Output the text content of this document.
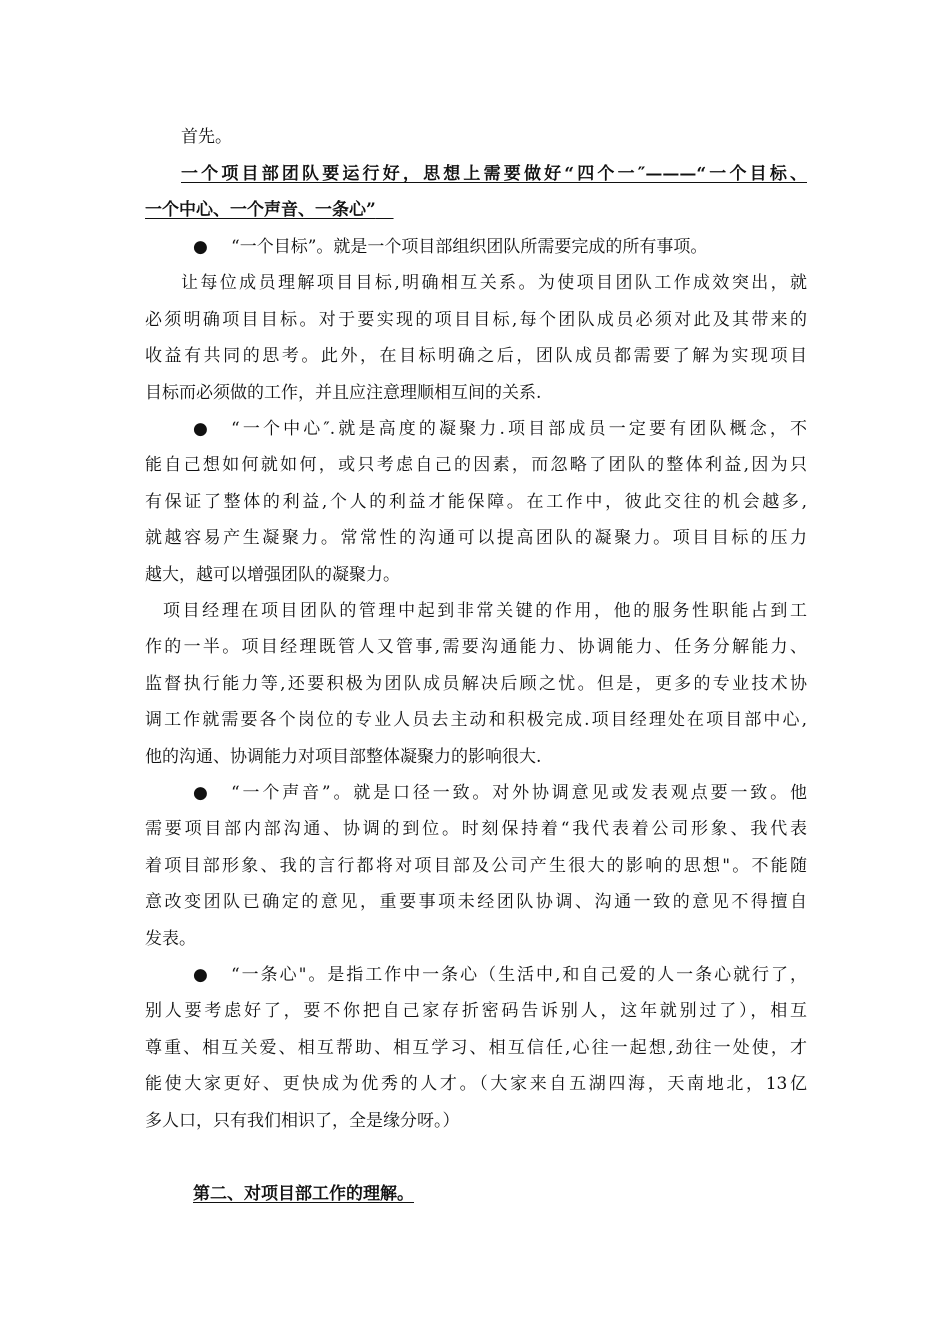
首先。

一个项目部团队要运行好，思想上需要做好“四个一″———“一个目标、

一个中心、一个声音、一条心”

● “一个目标”。就是一个项目部组织团队所需要完成的所有事项。

让每位成员理解项目目标,明确相互关系。为使项目团队工作成效突出，就

必须明确项目目标。对于要实现的项目目标,每个团队成员必须对此及其带来的

收益有共同的思考。此外，在目标明确之后，团队成员都需要了解为实现项目

目标而必须做的工作，并且应注意理顺相互间的关系.

● “一个中心″.就是高度的凝聚力.项目部成员一定要有团队概念，不

能自己想如何就如何，或只考虑自己的因素，而忽略了团队的整体利益,因为只

有保证了整体的利益,个人的利益才能保障。在工作中，彼此交往的机会越多,

就越容易产生凝聚力。常常性的沟通可以提高团队的凝聚力。项目目标的压力

越大，越可以增强团队的凝聚力。

项目经理在项目团队的管理中起到非常关键的作用，他的服务性职能占到工

作的一半。项目经理既管人又管事,需要沟通能力、协调能力、任务分解能力、

监督执行能力等,还要积极为团队成员解决后顾之忧。但是，更多的专业技术协

调工作就需要各个岗位的专业人员去主动和积极完成.项目经理处在项目部中心,

他的沟通、协调能力对项目部整体凝聚力的影响很大.

● “一个声音”。就是口径一致。对外协调意见或发表观点要一致。他

需要项目部内部沟通、协调的到位。时刻保持着“我代表着公司形象、我代表

着项目部形象、我的言行都将对项目部及公司产生很大的影响的思想"。不能随

意改变团队已确定的意见，重要事项未经团队协调、沟通一致的意见不得擅自

发表。

● “一条心"。是指工作中一条心（生活中,和自己爱的人一条心就行了，

别人要考虑好了，要不你把自己家存折密码告诉别人，这年就别过了），相互

尊重、相互关爱、相互帮助、相互学习、相互信任,心往一起想,劲往一处使，才

能使大家更好、更快成为优秀的人才。（大家来自五湖四海，天南地北，13亿

多人口，只有我们相识了，全是缘分呀。）

第二、对项目部工作的理解。
